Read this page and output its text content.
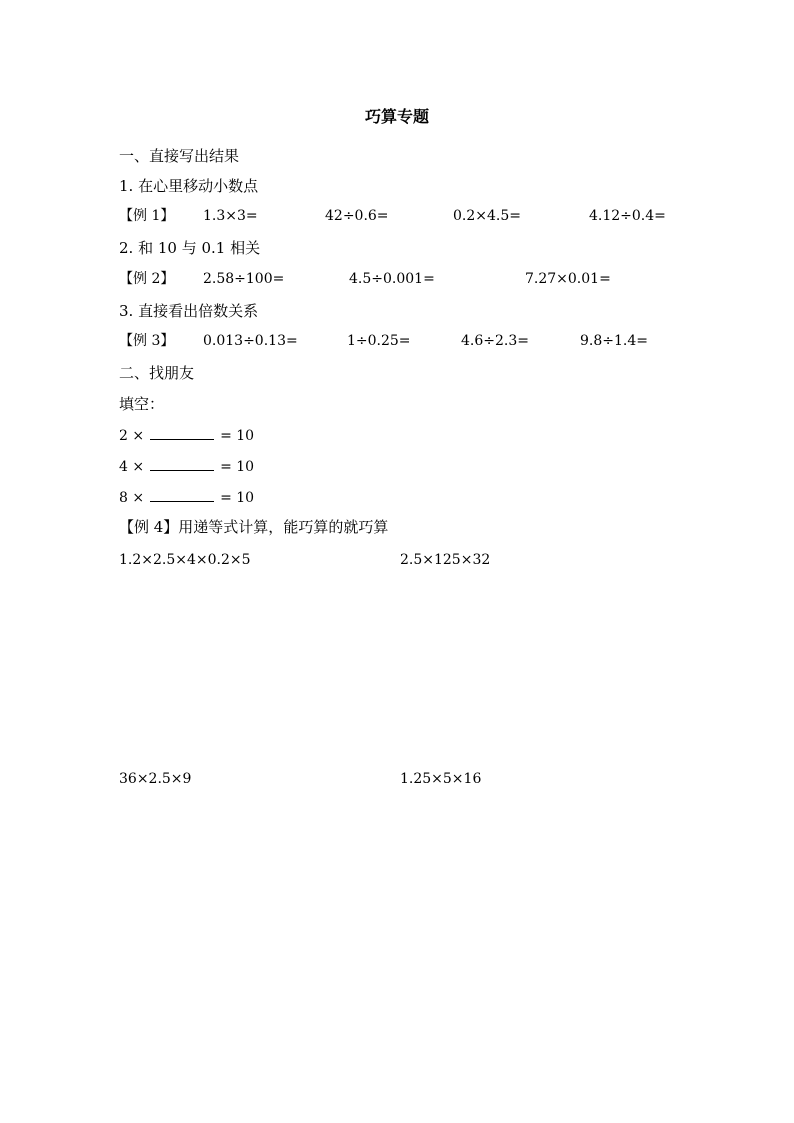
巧算专题
一、直接写出结果
1. 在心里移动小数点
【例 1】 1.3×3=	42÷0.6=	0.2×4.5=	4.12÷0.4=
2. 和 10 与 0.1 相关
【例 2】 2.58÷100=	4.5÷0.001=	7.27×0.01=
3. 直接看出倍数关系
【例 3】 0.013÷0.13=	1÷0.25=	4.6÷2.3=	9.8÷1.4=
二、找朋友
填空：
2 ×	= 10
4 ×	= 10
8 ×	= 10
【例 4】用递等式计算，能巧算的就巧算
1.2×2.5×4×0.2×5	2.5×125×32
36×2.5×9	1.25×5×16
